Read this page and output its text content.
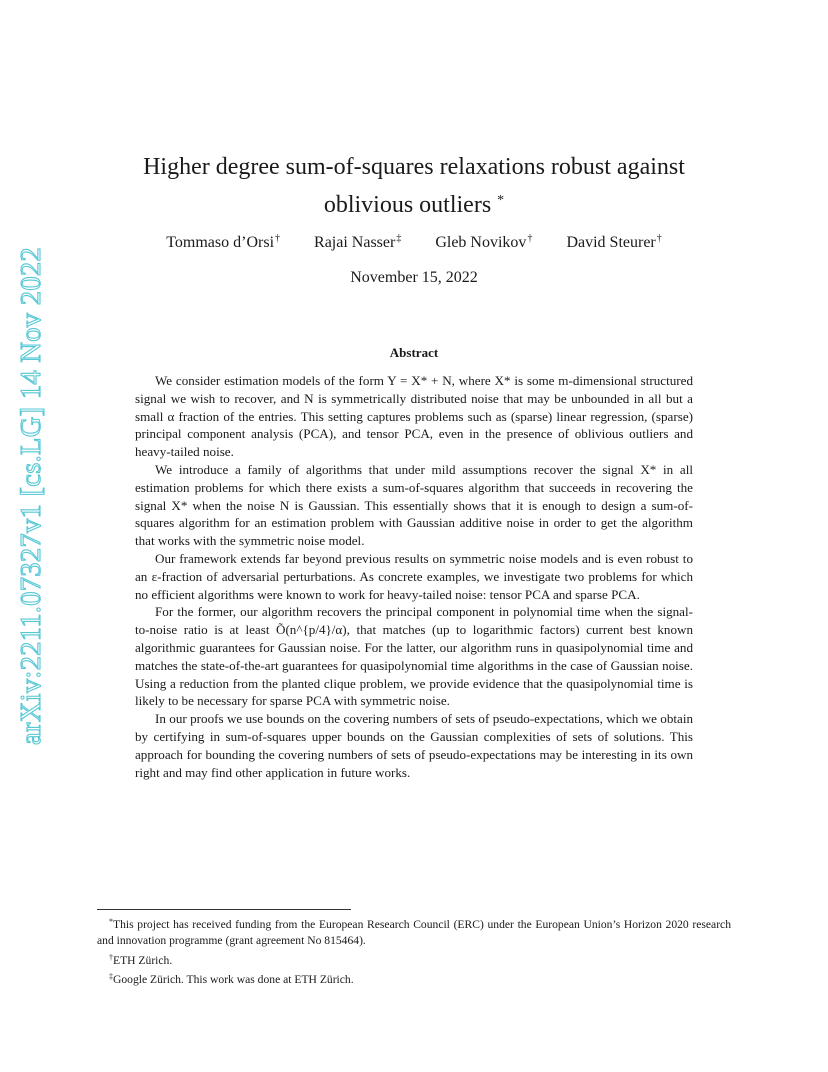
arXiv:2211.07327v1 [cs.LG] 14 Nov 2022
Higher degree sum-of-squares relaxations robust against oblivious outliers *
Tommaso d’Orsi† Rajai Nasser‡ Gleb Novikov† David Steurer†
November 15, 2022
Abstract

We consider estimation models of the form Y = X* + N, where X* is some m-dimensional structured signal we wish to recover, and N is symmetrically distributed noise that may be unbounded in all but a small α fraction of the entries. This setting captures problems such as (sparse) linear regression, (sparse) principal component analysis (PCA), and tensor PCA, even in the presence of oblivious outliers and heavy-tailed noise.

We introduce a family of algorithms that under mild assumptions recover the signal X* in all estimation problems for which there exists a sum-of-squares algorithm that succeeds in recovering the signal X* when the noise N is Gaussian. This essentially shows that it is enough to design a sum-of-squares algorithm for an estimation problem with Gaussian additive noise in order to get the algorithm that works with the symmetric noise model.

Our framework extends far beyond previous results on symmetric noise models and is even robust to an ε-fraction of adversarial perturbations. As concrete examples, we investigate two problems for which no efficient algorithms were known to work for heavy-tailed noise: tensor PCA and sparse PCA.

For the former, our algorithm recovers the principal component in polynomial time when the signal-to-noise ratio is at least Õ(n^{p/4}/α), that matches (up to logarithmic factors) current best known algorithmic guarantees for Gaussian noise. For the latter, our algorithm runs in quasipolynomial time and matches the state-of-the-art guarantees for quasipolynomial time algorithms in the case of Gaussian noise. Using a reduction from the planted clique problem, we provide evidence that the quasipolynomial time is likely to be necessary for sparse PCA with symmetric noise.

In our proofs we use bounds on the covering numbers of sets of pseudo-expectations, which we obtain by certifying in sum-of-squares upper bounds on the Gaussian complexities of sets of solutions. This approach for bounding the covering numbers of sets of pseudo-expectations may be interesting in its own right and may find other application in future works.

*This project has received funding from the European Research Council (ERC) under the European Union’s Horizon 2020 research and innovation programme (grant agreement No 815464).

†ETH Zürich.

‡Google Zürich. This work was done at ETH Zürich.
